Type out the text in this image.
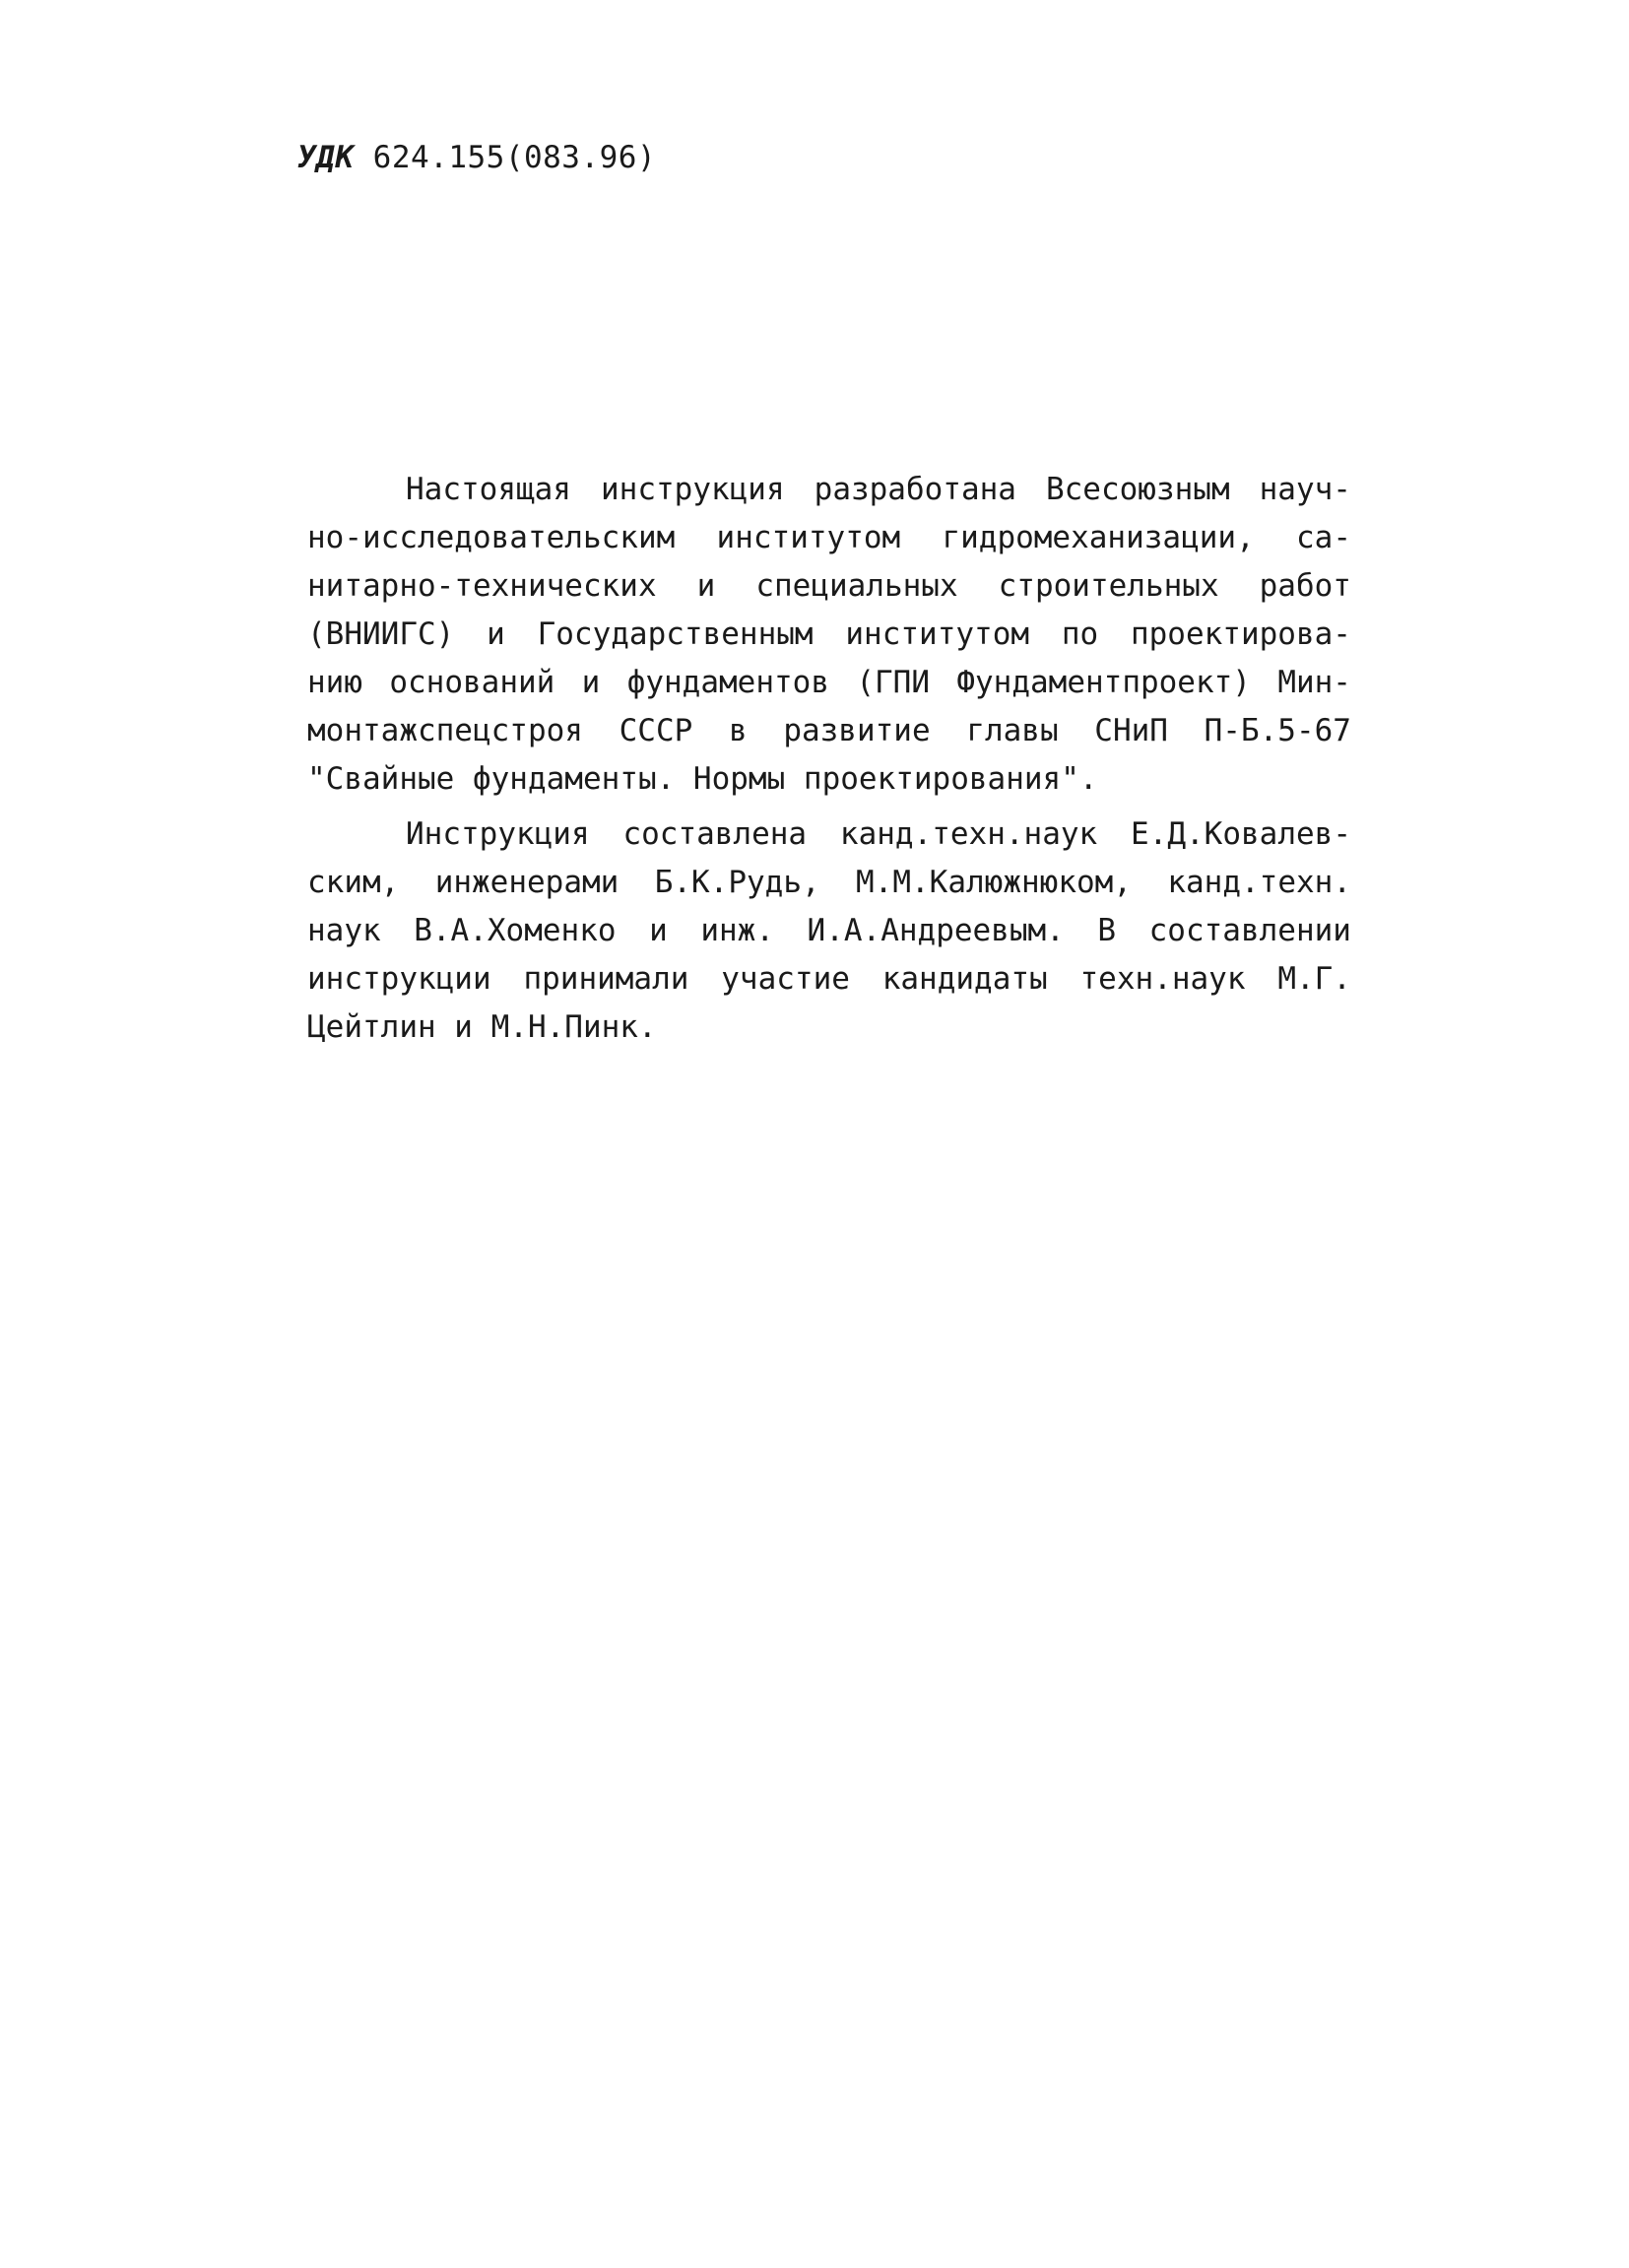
УДК 624.155(083.96)
Настоящая инструкция разработана Всесоюзным науч-
но-исследовательским институтом гидромеханизации, са-
нитарно-технических и специальных строительных работ
(ВНИИГС) и Государственным институтом по проектирова-
нию оснований и фундаментов (ГПИ Фундаментпроект) Мин-
монтажспецстроя СССР в развитие главы СНиП П-Б.5-67
"Свайные фундаменты. Нормы проектирования".
Инструкция составлена канд.техн.наук Е.Д.Ковалев-
ским, инженерами Б.К.Рудь, М.М.Калюжнюком, канд.техн.
наук В.А.Хоменко и инж. И.А.Андреевым. В составлении
инструкции принимали участие кандидаты техн.наук М.Г.
Цейтлин и М.Н.Пинк.
